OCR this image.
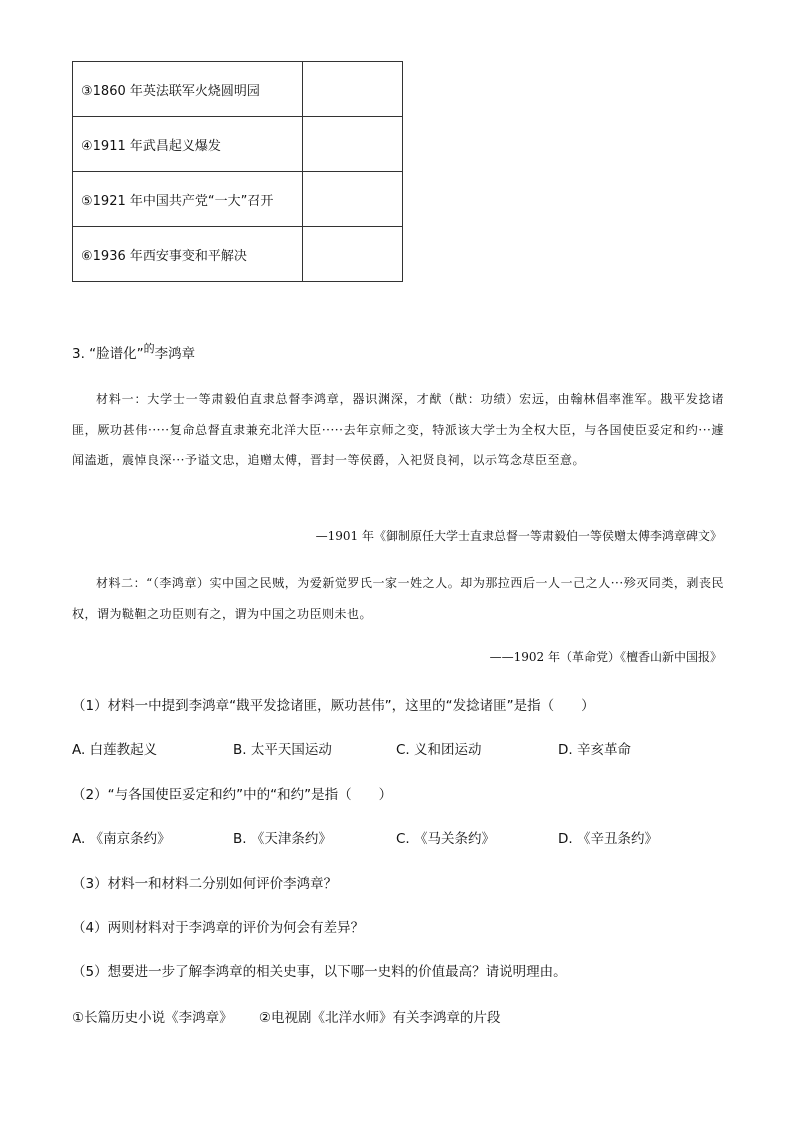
③1860 年英法联军火烧圆明园	
④1911 年武昌起义爆发	
⑤1921 年中国共产党“一大”召开	
⑥1936 年西安事变和平解决	
3. “脸谱化”$^的$李鸿章
材料一：大学士一等肃毅伯直隶总督李鸿章，器识渊深，才猷（猷：功绩）宏远，由翰林倡率淮军。戡平发捻诸匪，厥功甚伟·····复命总督直隶兼充北洋大臣·····去年京师之变，特派该大学士为全权大臣，与各国使臣妥定和约···遽闻溘逝，震悼良深···予谥文忠，追赠太傅，晋封一等侯爵，入祀贤良祠，以示笃念荩臣至意。
—1901 年《御制原任大学士直隶总督一等肃毅伯一等侯赠太傅李鸿章碑文》
材料二：“（李鸿章）实中国之民贼，为爱新觉罗氏一家一姓之人。却为那拉西后一人一己之人···殄灭同类，剥丧民权，谓为鞑靼之功臣则有之，谓为中国之功臣则未也。
——1902 年（革命党）《檀香山新中国报》
（1）材料一中提到李鸿章“戡平发捻诸匪，厥功甚伟”，这里的“发捻诸匪”是指（　　）
A. 白莲教起义	B. 太平天国运动	C. 义和团运动	D. 辛亥革命
（2）“与各国使臣妥定和约”中的“和约”是指（　　）
A. 《南京条约》	B. 《天津条约》	C. 《马关条约》	D. 《辛丑条约》
（3）材料一和材料二分别如何评价李鸿章？
（4）两则材料对于李鸿章的评价为何会有差异？
（5）想要进一步了解李鸿章的相关史事，以下哪一史料的价值最高？请说明理由。
①长篇历史小说《李鸿章》 ②电视剧《北洋水师》有关李鸿章的片段
